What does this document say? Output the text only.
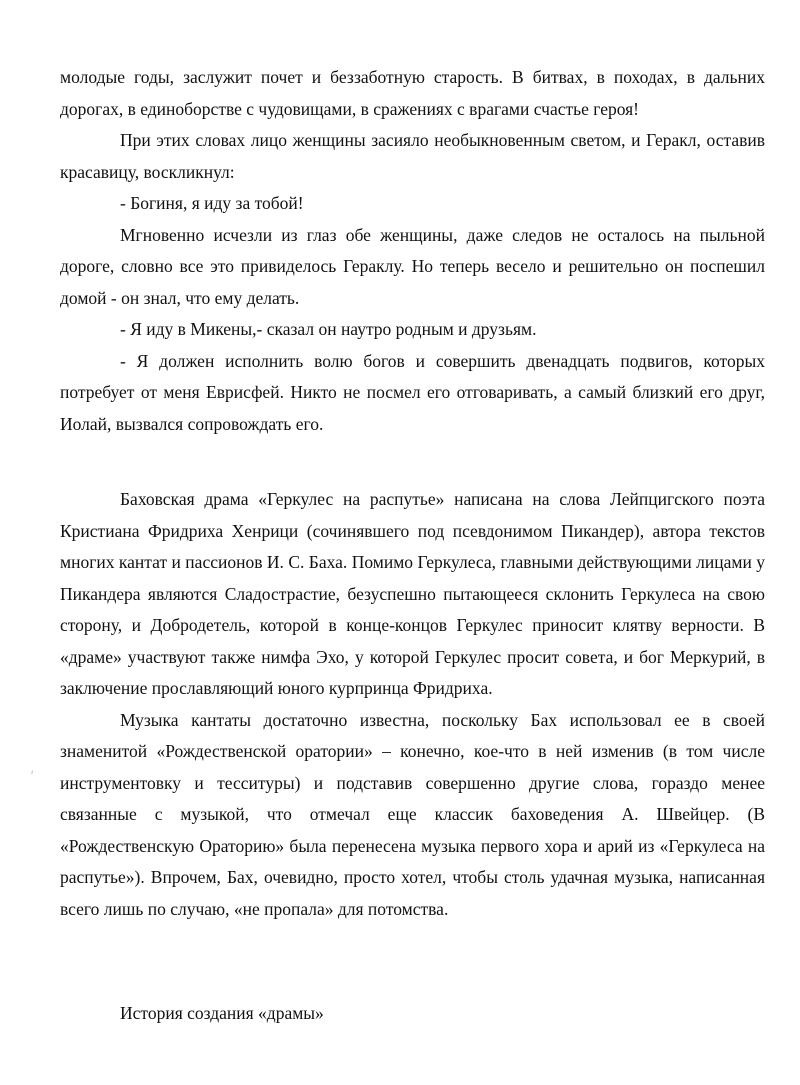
молодые годы, заслужит почет и беззаботную старость. В битвах, в походах, в дальних дорогах, в единоборстве с чудовищами, в сражениях с врагами счастье героя!

При этих словах лицо женщины засияло необыкновенным светом, и Геракл, оставив красавицу, воскликнул:

- Богиня, я иду за тобой!

Мгновенно исчезли из глаз обе женщины, даже следов не осталось на пыльной дороге, словно все это привиделось Гераклу. Но теперь весело и решительно он поспешил домой - он знал, что ему делать.

- Я иду в Микены,- сказал он наутро родным и друзьям.

- Я должен исполнить волю богов и совершить двенадцать подвигов, которых потребует от меня Еврисфей. Никто не посмел его отговаривать, а самый близкий его друг, Иолай, вызвался сопровождать его.

Баховская драма «Геркулес на распутье» написана на слова Лейпцигского поэта Кристиана Фридриха Хенрици (сочинявшего под псевдонимом Пикандер), автора текстов многих кантат и пассионов И. С. Баха. Помимо Геркулеса, главными действующими лицами у Пикандера являются Сладострастие, безуспешно пытающееся склонить Геркулеса на свою сторону, и Добродетель, которой в конце-концов Геркулес приносит клятву верности. В «драме» участвуют также нимфа Эхо, у которой Геркулес просит совета, и бог Меркурий, в заключение прославляющий юного курпринца Фридриха.

Музыка кантаты достаточно известна, поскольку Бах использовал ее в своей знаменитой «Рождественской оратории» – конечно, кое-что в ней изменив (в том числе инструментовку и тесситуры) и подставив совершенно другие слова, гораздо менее связанные с музыкой, что отмечал еще классик баховедения А. Швейцер. (В «Рождественскую Ораторию» была перенесена музыка первого хора и арий из «Геркулеса на распутье»). Впрочем, Бах, очевидно, просто хотел, чтобы столь удачная музыка, написанная всего лишь по случаю, «не пропала» для потомства.

История создания «драмы»
⸲
